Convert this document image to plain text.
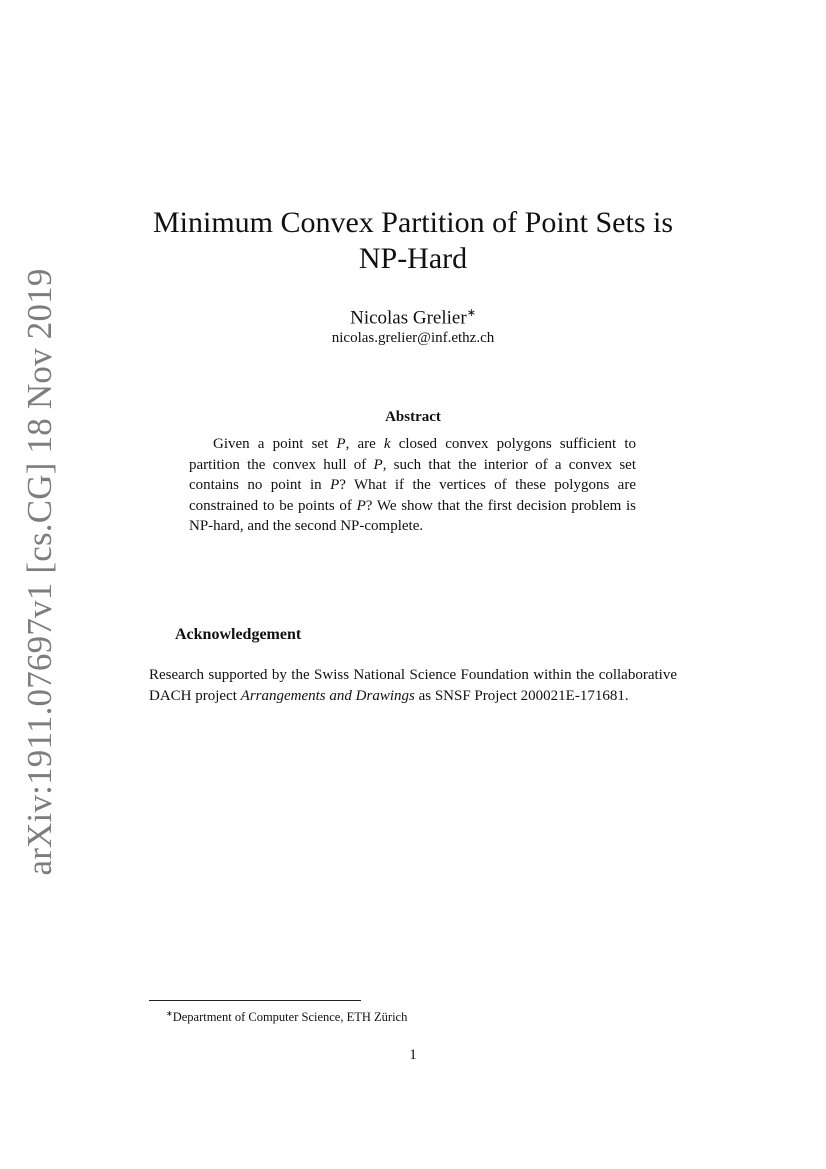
arXiv:1911.07697v1 [cs.CG] 18 Nov 2019
Minimum Convex Partition of Point Sets is
NP-Hard
Nicolas Grelier∗
nicolas.grelier@inf.ethz.ch
Abstract
Given a point set P, are k closed convex polygons sufficient to partition the convex hull of P, such that the interior of a convex set contains no point in P? What if the vertices of these polygons are constrained to be points of P? We show that the first decision problem is NP-hard, and the second NP-complete.
Acknowledgement
Research supported by the Swiss National Science Foundation within the collaborative DACH project Arrangements and Drawings as SNSF Project 200021E-171681.
∗Department of Computer Science, ETH Zürich
1
